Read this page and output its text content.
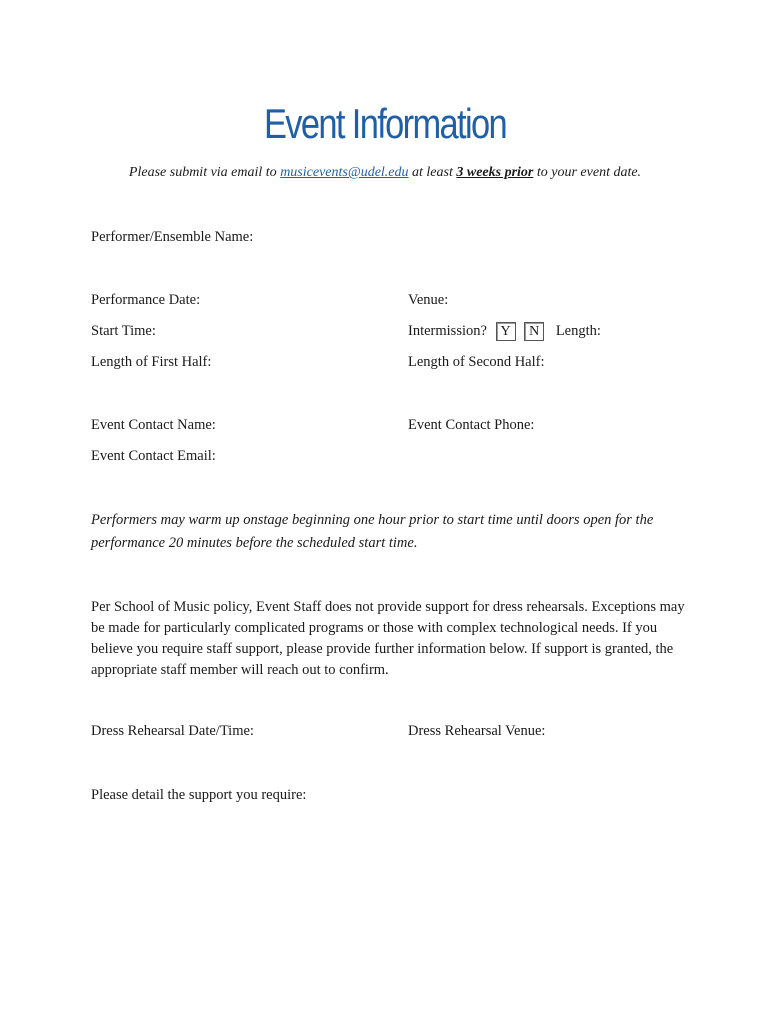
Event Information
Please submit via email to musicevents@udel.edu at least 3 weeks prior to your event date.
Performer/Ensemble Name:
Performance Date:	Venue:
Start Time:	Intermission? Y N Length:
Length of First Half:	Length of Second Half:
Event Contact Name:	Event Contact Phone:
Event Contact Email:
Performers may warm up onstage beginning one hour prior to start time until doors open for the performance 20 minutes before the scheduled start time.
Per School of Music policy, Event Staff does not provide support for dress rehearsals. Exceptions may be made for particularly complicated programs or those with complex technological needs. If you believe you require staff support, please provide further information below. If support is granted, the appropriate staff member will reach out to confirm.
Dress Rehearsal Date/Time:	Dress Rehearsal Venue:
Please detail the support you require:
